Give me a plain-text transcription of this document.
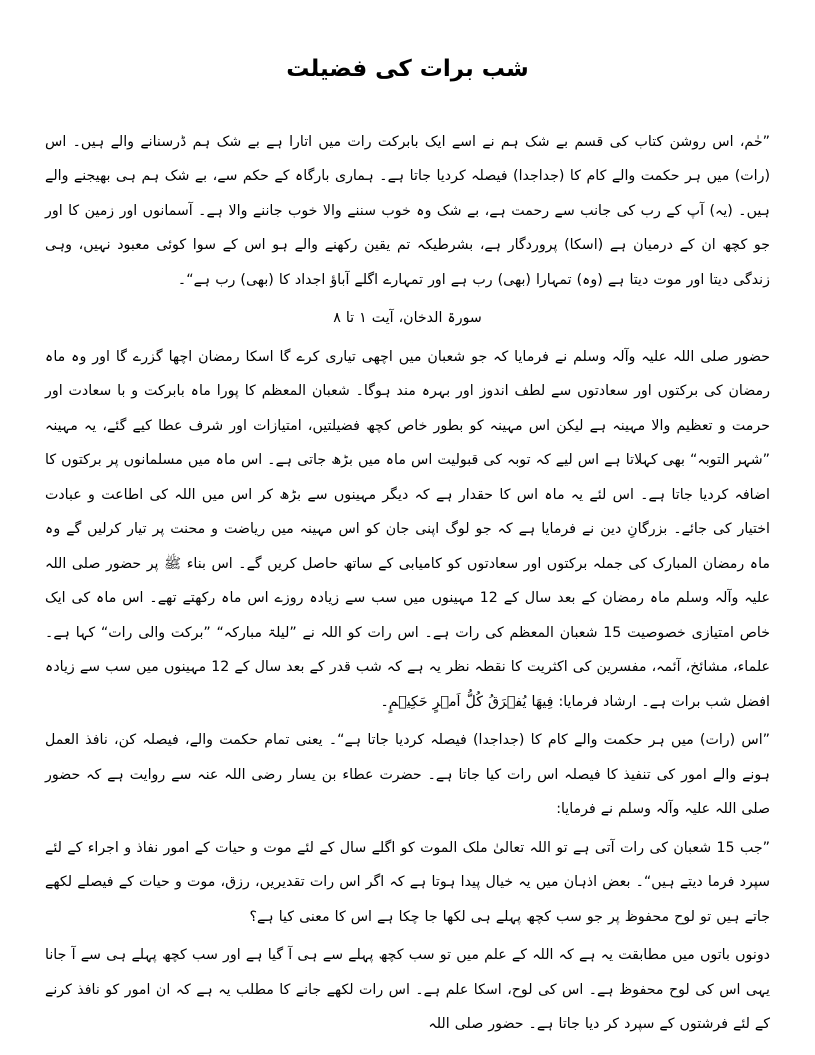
شب برات کی فضیلت

”حٰم، اس روشن کتاب کی قسم بے شک ہم نے اسے ایک بابرکت رات میں اتارا ہے بے شک ہم ڈرسنانے والے ہیں۔ اس (رات) میں ہر حکمت والے کام کا (جداجدا) فیصلہ کردیا جاتا ہے۔ ہماری بارگاہ کے حکم سے، بے شک ہم ہی بھیجنے والے ہیں۔ (یہ) آپ کے رب کی جانب سے رحمت ہے، بے شک وہ خوب سننے والا خوب جاننے والا ہے۔ آسمانوں اور زمین کا اور جو کچھ ان کے درمیان ہے (اسکا) پروردگار ہے، بشرطیکہ تم یقین رکھنے والے ہو اس کے سوا کوئی معبود نہیں، وہی زندگی دیتا اور موت دیتا ہے (وہ) تمہارا (بھی) رب ہے اور تمہارے اگلے آباؤ اجداد کا (بھی) رب ہے“۔

سورۃ الدخان، آیت ۱ تا ۸

حضور صلی اللہ علیہ وآلہ وسلم نے فرمایا کہ جو شعبان میں اچھی تیاری کرے گا اسکا رمضان اچھا گزرے گا اور وہ ماہ رمضان کی برکتوں اور سعادتوں سے لطف اندوز اور بہرہ مند ہوگا۔ شعبان المعظم کا پورا ماہ بابرکت و با سعادت اور حرمت و تعظیم والا مہینہ ہے لیکن اس مہینہ کو بطور خاص کچھ فضیلتیں، امتیازات اور شرف عطا کیے گئے، یہ مہینہ ”شہر التوبہ“ بھی کہلاتا ہے اس لیے کہ توبہ کی قبولیت اس ماہ میں بڑھ جاتی ہے۔ اس ماہ میں مسلمانوں پر برکتوں کا اضافہ کردیا جاتا ہے۔ اس لئے یہ ماہ اس کا حقدار ہے کہ دیگر مہینوں سے بڑھ کر اس میں اللہ کی اطاعت و عبادت اختیار کی جائے۔ بزرگانِ دین نے فرمایا ہے کہ جو لوگ اپنی جان کو اس مہینہ میں ریاضت و محنت پر تیار کرلیں گے وہ ماہ رمضان المبارک کی جملہ برکتوں اور سعادتوں کو کامیابی کے ساتھ حاصل کریں گے۔ اس بناء ﷺ پر حضور صلی اللہ علیہ وآلہ وسلم ماہ رمضان کے بعد سال کے 12 مہینوں میں سب سے زیادہ روزے اس ماہ رکھتے تھے۔ اس ماہ کی ایک خاص امتیازی خصوصیت 15 شعبان المعظم کی رات ہے۔ اس رات کو اللہ نے ”لیلۃ مبارکہ“ ”برکت والی رات“ کہا ہے۔ علماء، مشائخ، آئمہ، مفسرین کی اکثریت کا نقطہ نظر یہ ہے کہ شب قدر کے بعد سال کے 12 مہینوں میں سب سے زیادہ افضل شب برات ہے۔ ارشاد فرمایا: فِیهَا یُفۡرَقُ کُلُّ اَمۡرٍ حَکِیۡمٍ۔

”اس (رات) میں ہر حکمت والے کام کا (جداجدا) فیصلہ کردیا جاتا ہے“۔ یعنی تمام حکمت والے، فیصلہ کن، نافذ العمل ہونے والے امور کی تنفیذ کا فیصلہ اس رات کیا جاتا ہے۔ حضرت عطاء بن یسار رضی اللہ عنہ سے روایت ہے کہ حضور صلی اللہ علیہ وآلہ وسلم نے فرمایا:

”جب 15 شعبان کی رات آتی ہے تو اللہ تعالیٰ ملک الموت کو اگلے سال کے لئے موت و حیات کے امور نفاذ و اجراء کے لئے سپرد فرما دیتے ہیں“۔ بعض اذہان میں یہ خیال پیدا ہوتا ہے کہ اگر اس رات تقدیریں، رزق، موت و حیات کے فیصلے لکھے جاتے ہیں تو لوح محفوظ پر جو سب کچھ پہلے ہی لکھا جا چکا ہے اس کا معنی کیا ہے؟

دونوں باتوں میں مطابقت یہ ہے کہ اللہ کے علم میں تو سب کچھ پہلے سے ہی آ گیا ہے اور سب کچھ پہلے ہی سے آ جانا یہی اس کی لوح محفوظ ہے۔ اس کی لوح، اسکا علم ہے۔ اس رات لکھے جانے کا مطلب یہ ہے کہ ان امور کو نافذ کرنے کے لئے فرشتوں کے سپرد کر دیا جاتا ہے۔ حضور صلی اللہ
